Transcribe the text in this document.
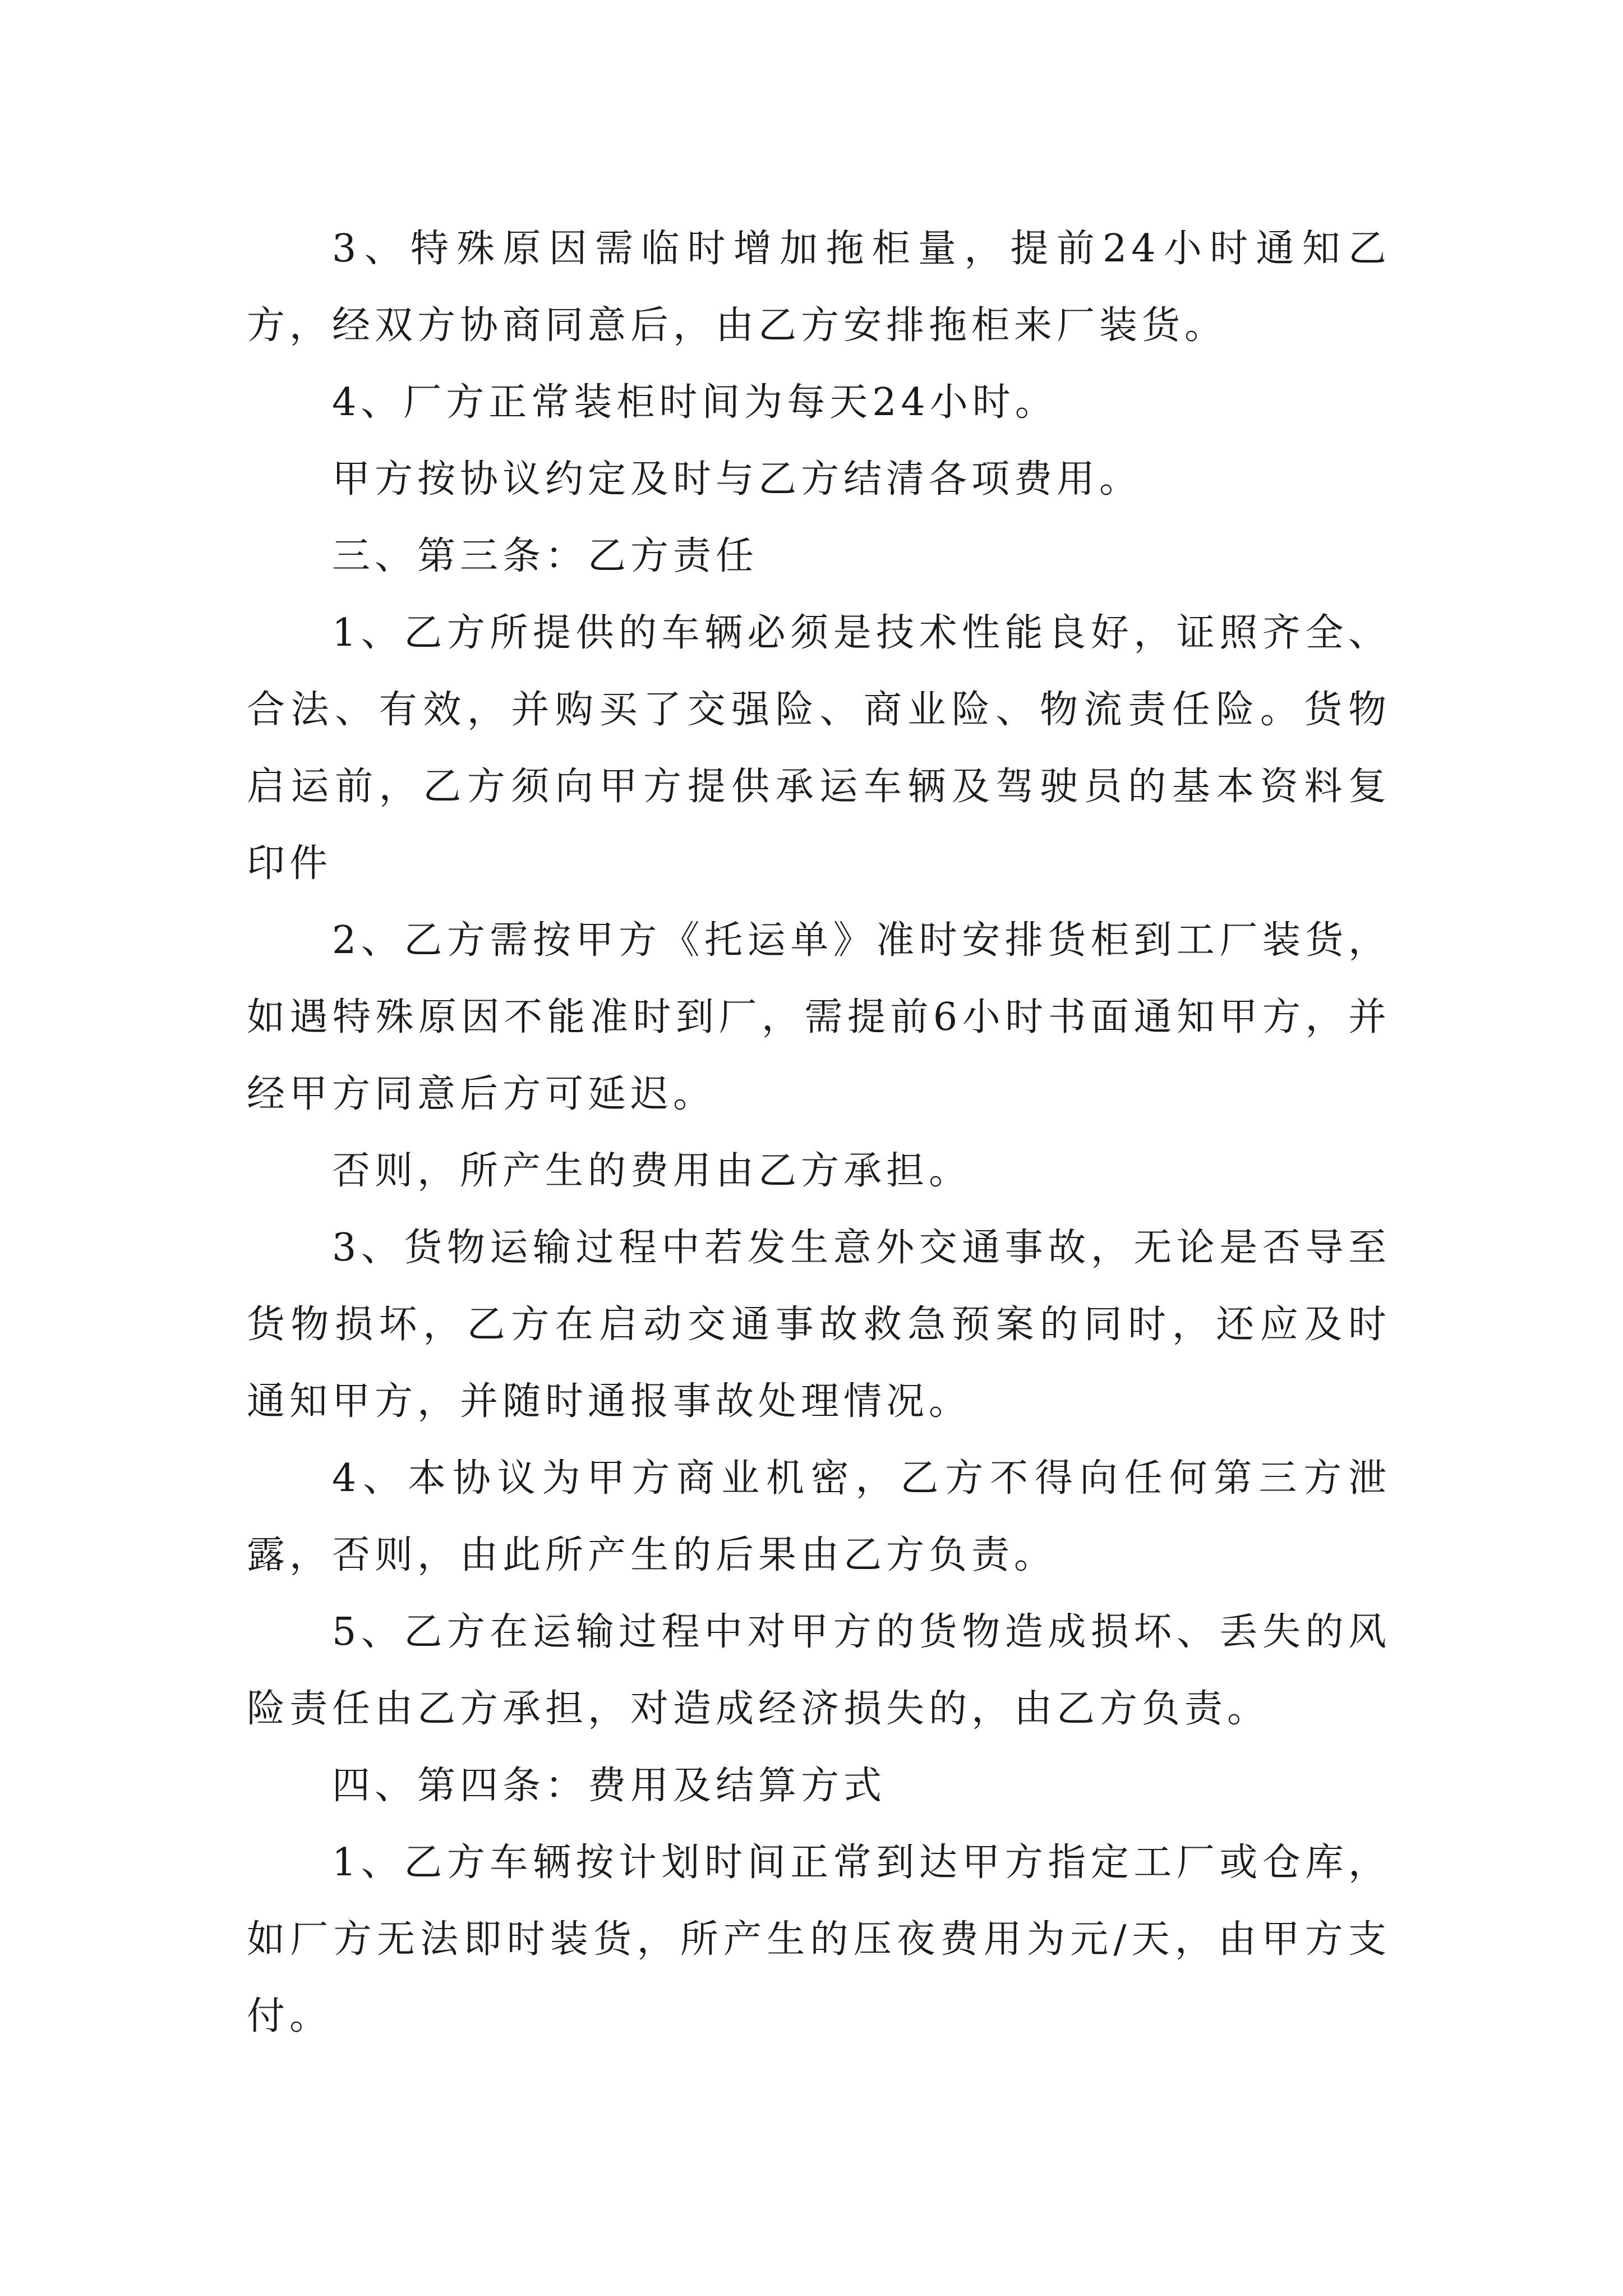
3、特殊原因需临时增加拖柜量，提前24小时通知乙方，经双方协商同意后，由乙方安排拖柜来厂装货。

4、厂方正常装柜时间为每天24小时。

甲方按协议约定及时与乙方结清各项费用。

三、第三条：乙方责任

1、乙方所提供的车辆必须是技术性能良好，证照齐全、合法、有效，并购买了交强险、商业险、物流责任险。货物启运前，乙方须向甲方提供承运车辆及驾驶员的基本资料复印件

2、乙方需按甲方《托运单》准时安排货柜到工厂装货，如遇特殊原因不能准时到厂，需提前6小时书面通知甲方，并经甲方同意后方可延迟。

否则，所产生的费用由乙方承担。

3、货物运输过程中若发生意外交通事故，无论是否导至货物损坏，乙方在启动交通事故救急预案的同时，还应及时通知甲方，并随时通报事故处理情况。

4、本协议为甲方商业机密，乙方不得向任何第三方泄露，否则，由此所产生的后果由乙方负责。

5、乙方在运输过程中对甲方的货物造成损坏、丢失的风险责任由乙方承担，对造成经济损失的，由乙方负责。

四、第四条：费用及结算方式

1、乙方车辆按计划时间正常到达甲方指定工厂或仓库，如厂方无法即时装货，所产生的压夜费用为元/天，由甲方支付。
